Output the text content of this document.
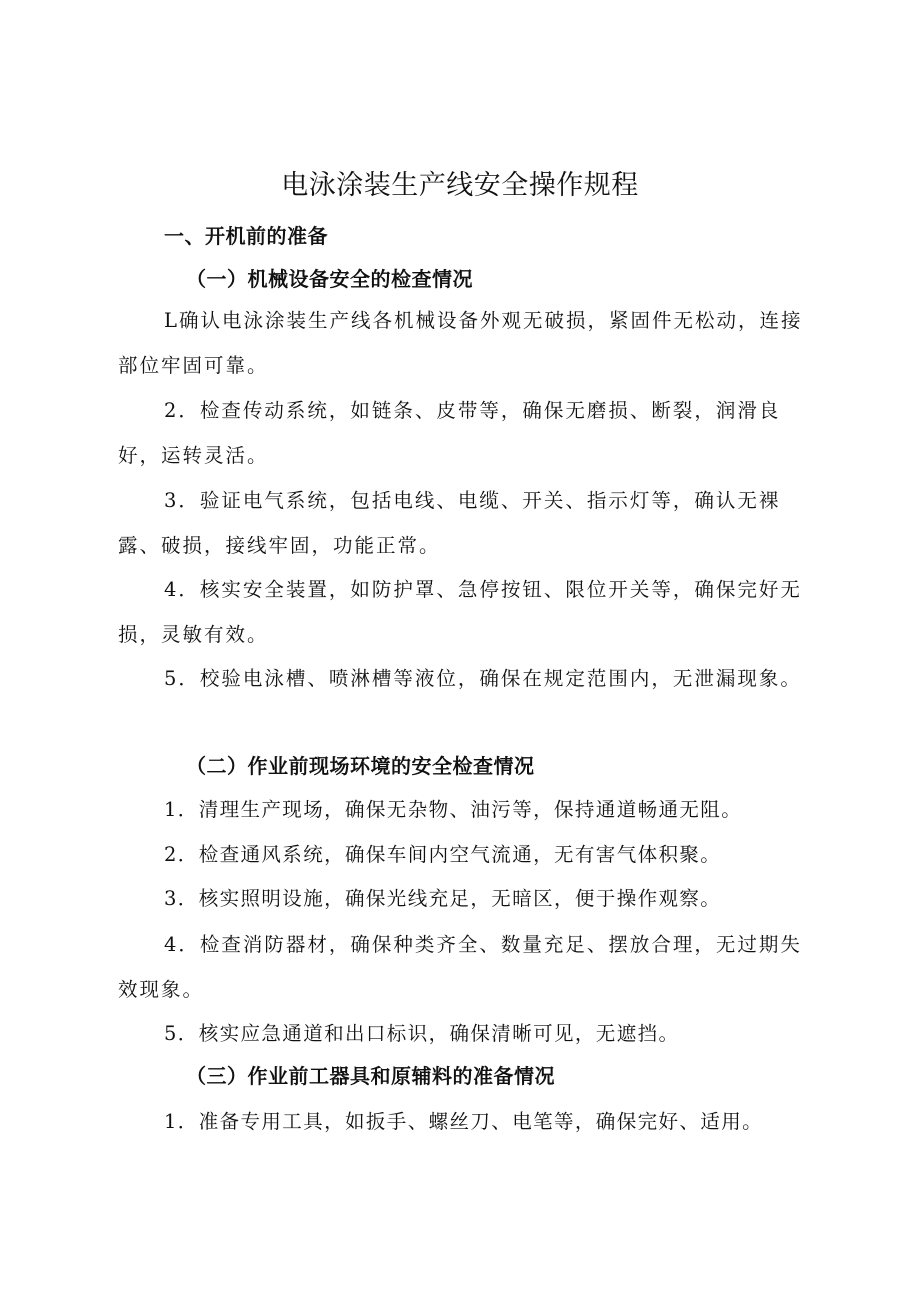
电泳涂装生产线安全操作规程
一、开机前的准备
（一）机械设备安全的检查情况
L确认电泳涂装生产线各机械设备外观无破损，紧固件无松动，连接部位牢固可靠。
2．检查传动系统，如链条、皮带等，确保无磨损、断裂，润滑良好，运转灵活。
3．验证电气系统，包括电线、电缆、开关、指示灯等，确认无裸露、破损，接线牢固，功能正常。
4．核实安全装置，如防护罩、急停按钮、限位开关等，确保完好无损，灵敏有效。
5．校验电泳槽、喷淋槽等液位，确保在规定范围内，无泄漏现象。
（二）作业前现场环境的安全检查情况
1．清理生产现场，确保无杂物、油污等，保持通道畅通无阻。
2．检查通风系统，确保车间内空气流通，无有害气体积聚。
3．核实照明设施，确保光线充足，无暗区，便于操作观察。
4．检查消防器材，确保种类齐全、数量充足、摆放合理，无过期失效现象。
5．核实应急通道和出口标识，确保清晰可见，无遮挡。
（三）作业前工器具和原辅料的准备情况
1．准备专用工具，如扳手、螺丝刀、电笔等，确保完好、适用。
